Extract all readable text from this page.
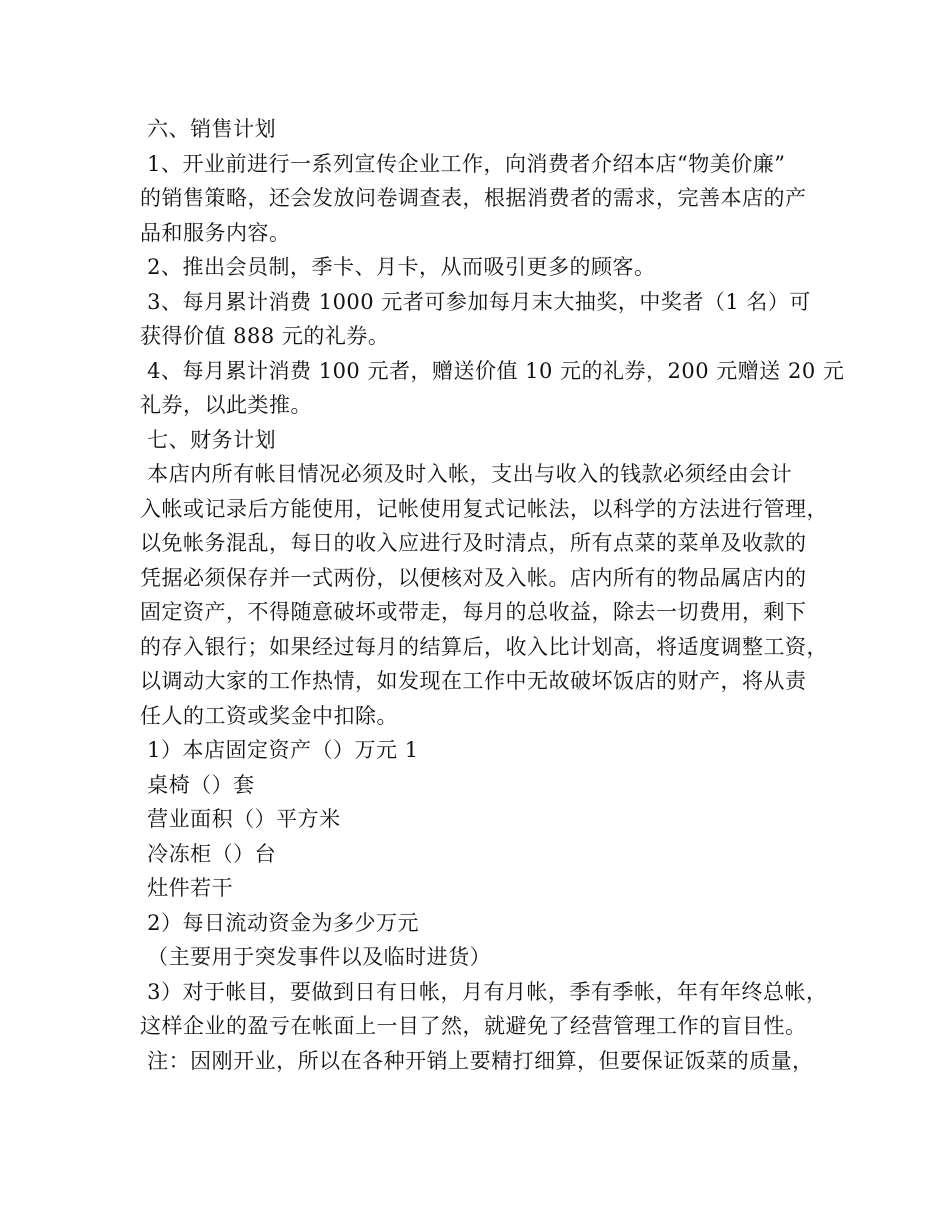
六、销售计划
1、开业前进行一系列宣传企业工作，向消费者介绍本店“物美价廉”
的销售策略，还会发放问卷调查表，根据消费者的需求，完善本店的产
品和服务内容。
2、推出会员制，季卡、月卡，从而吸引更多的顾客。
3、每月累计消费 1000 元者可参加每月末大抽奖，中奖者（1 名）可
获得价值 888 元的礼券。
4、每月累计消费 100 元者，赠送价值 10 元的礼券，200 元赠送 20 元
礼券，以此类推。
七、财务计划
本店内所有帐目情况必须及时入帐，支出与收入的钱款必须经由会计
入帐或记录后方能使用，记帐使用复式记帐法，以科学的方法进行管理，
以免帐务混乱，每日的收入应进行及时清点，所有点菜的菜单及收款的
凭据必须保存并一式两份，以便核对及入帐。店内所有的物品属店内的
固定资产，不得随意破坏或带走，每月的总收益，除去一切费用，剩下
的存入银行；如果经过每月的结算后，收入比计划高，将适度调整工资，
以调动大家的工作热情，如发现在工作中无故破坏饭店的财产，将从责
任人的工资或奖金中扣除。
1）本店固定资产（）万元 1
桌椅（）套
营业面积（）平方米
冷冻柜（）台
灶件若干
2）每日流动资金为多少万元
（主要用于突发事件以及临时进货）
3）对于帐目，要做到日有日帐，月有月帐，季有季帐，年有年终总帐，
这样企业的盈亏在帐面上一目了然，就避免了经营管理工作的盲目性。
注：因刚开业，所以在各种开销上要精打细算，但要保证饭菜的质量，
